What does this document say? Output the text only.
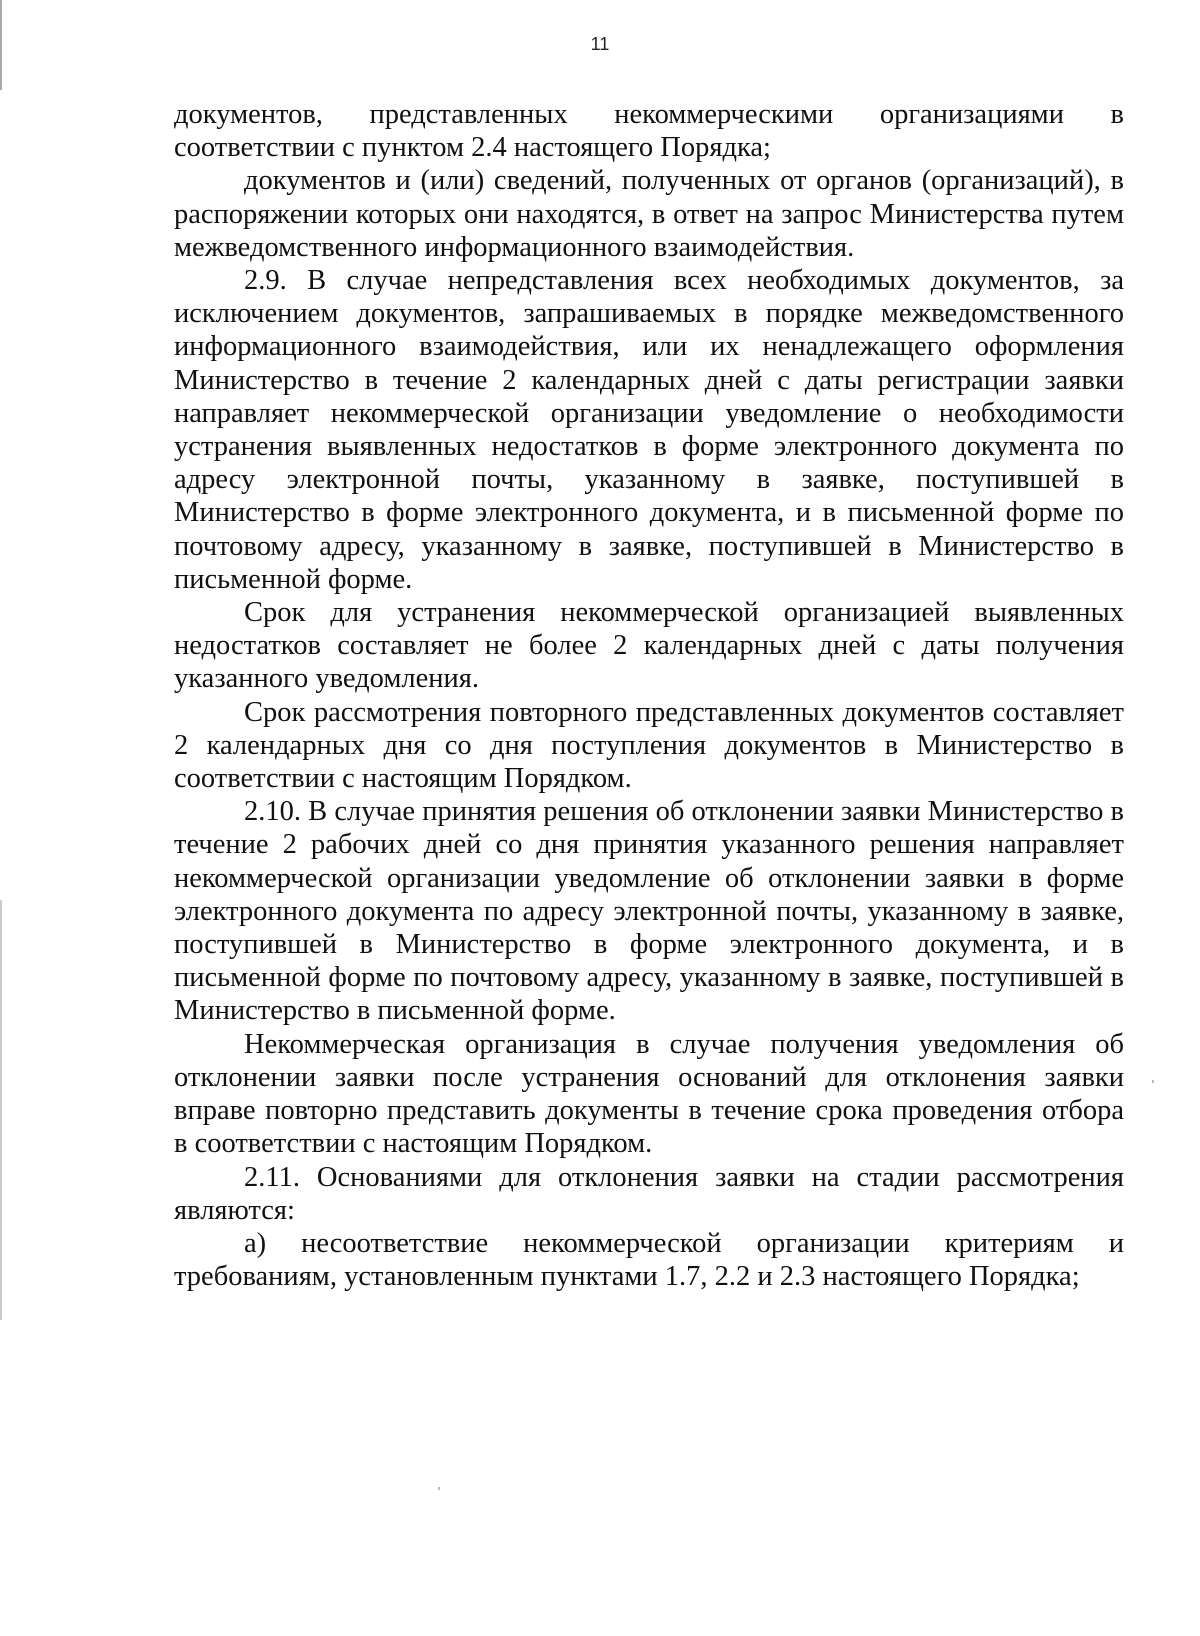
11

документов, представленных некоммерческими организациями в соответствии с пунктом 2.4 настоящего Порядка;

документов и (или) сведений, полученных от органов (организаций), в распоряжении которых они находятся, в ответ на запрос Министерства путем межведомственного информационного взаимодействия.

2.9. В случае непредставления всех необходимых документов, за исключением документов, запрашиваемых в порядке межведомственного информационного взаимодействия, или их ненадлежащего оформления Министерство в течение 2 календарных дней с даты регистрации заявки направляет некоммерческой организации уведомление о необходимости устранения выявленных недостатков в форме электронного документа по адресу электронной почты, указанному в заявке, поступившей в Министерство в форме электронного документа, и в письменной форме по почтовому адресу, указанному в заявке, поступившей в Министерство в письменной форме.

Срок для устранения некоммерческой организацией выявленных недостатков составляет не более 2 календарных дней с даты получения указанного уведомления.

Срок рассмотрения повторного представленных документов составляет 2 календарных дня со дня поступления документов в Министерство в соответствии с настоящим Порядком.

2.10. В случае принятия решения об отклонении заявки Министерство в течение 2 рабочих дней со дня принятия указанного решения направляет некоммерческой организации уведомление об отклонении заявки в форме электронного документа по адресу электронной почты, указанному в заявке, поступившей в Министерство в форме электронного документа, и в письменной форме по почтовому адресу, указанному в заявке, поступившей в Министерство в письменной форме.

Некоммерческая организация в случае получения уведомления об отклонении заявки после устранения оснований для отклонения заявки вправе повторно представить документы в течение срока проведения отбора в соответствии с настоящим Порядком.

2.11. Основаниями для отклонения заявки на стадии рассмотрения являются:

а) несоответствие некоммерческой организации критериям и требованиям, установленным пунктами 1.7, 2.2 и 2.3 настоящего Порядка;
